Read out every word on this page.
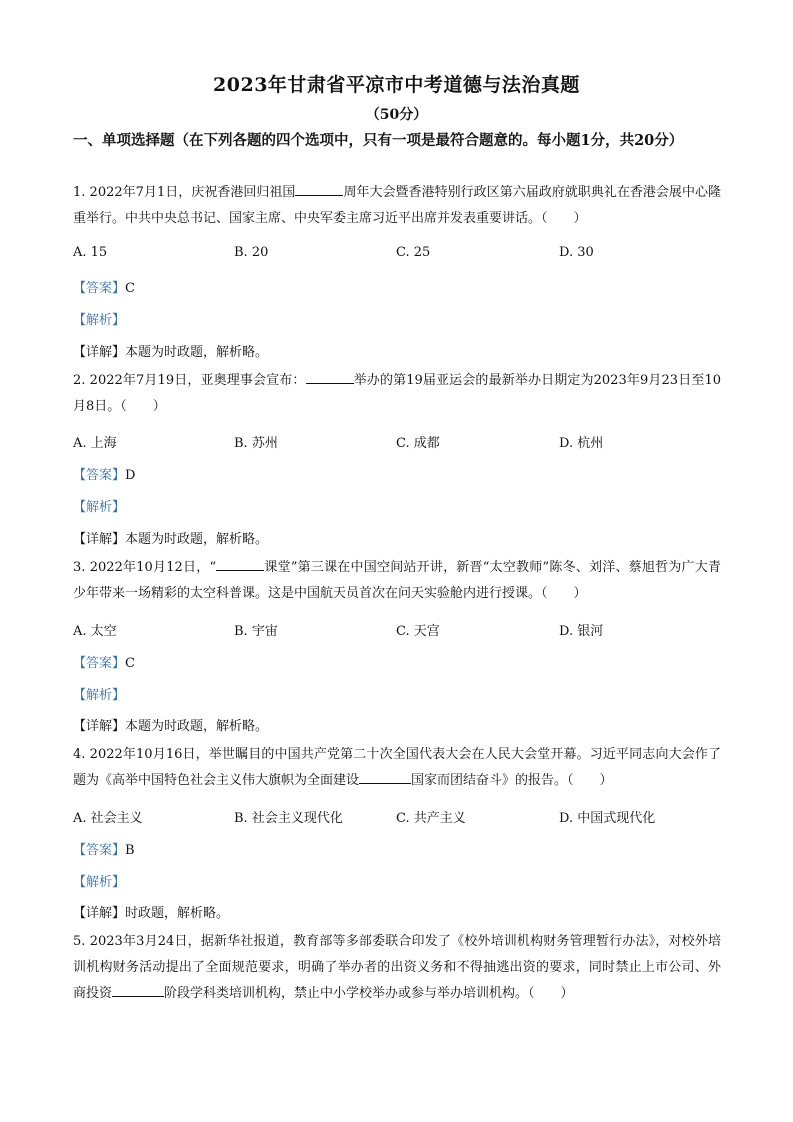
2023年甘肃省平凉市中考道德与法治真题
（50分）
一、单项选择题（在下列各题的四个选项中，只有一项是最符合题意的。每小题1分，共20分）
1. 2022年7月1日，庆祝香港回归祖国	周年大会暨香港特别行政区第六届政府就职典礼在香港会展中心隆重举行。中共中央总书记、国家主席、中央军委主席习近平出席并发表重要讲话。（　　）
A. 15	B. 20	C. 25	D. 30
【答案】C
【解析】
【详解】本题为时政题，解析略。
2. 2022年7月19日，亚奥理事会宣布：	举办的第19届亚运会的最新举办日期定为2023年9月23日至10月8日。（　　）
A. 上海	B. 苏州	C. 成都	D. 杭州
【答案】D
【解析】
【详解】本题为时政题，解析略。
3. 2022年10月12日，“	课堂”第三课在中国空间站开讲，新晋“太空教师”陈冬、刘洋、蔡旭哲为广大青少年带来一场精彩的太空科普课。这是中国航天员首次在问天实验舱内进行授课。（　　）
A. 太空	B. 宇宙	C. 天宫	D. 银河
【答案】C
【解析】
【详解】本题为时政题，解析略。
4. 2022年10月16日，举世瞩目的中国共产党第二十次全国代表大会在人民大会堂开幕。习近平同志向大会作了题为《高举中国特色社会主义伟大旗帜为全面建设	国家而团结奋斗》的报告。（　　）
A. 社会主义	B. 社会主义现代化	C. 共产主义	D. 中国式现代化
【答案】B
【解析】
【详解】时政题，解析略。
5. 2023年3月24日，据新华社报道，教育部等多部委联合印发了《校外培训机构财务管理暂行办法》，对校外培训机构财务活动提出了全面规范要求，明确了举办者的出资义务和不得抽逃出资的要求，同时禁止上市公司、外商投资	阶段学科类培训机构，禁止中小学校举办或参与举办培训机构。（　　）
